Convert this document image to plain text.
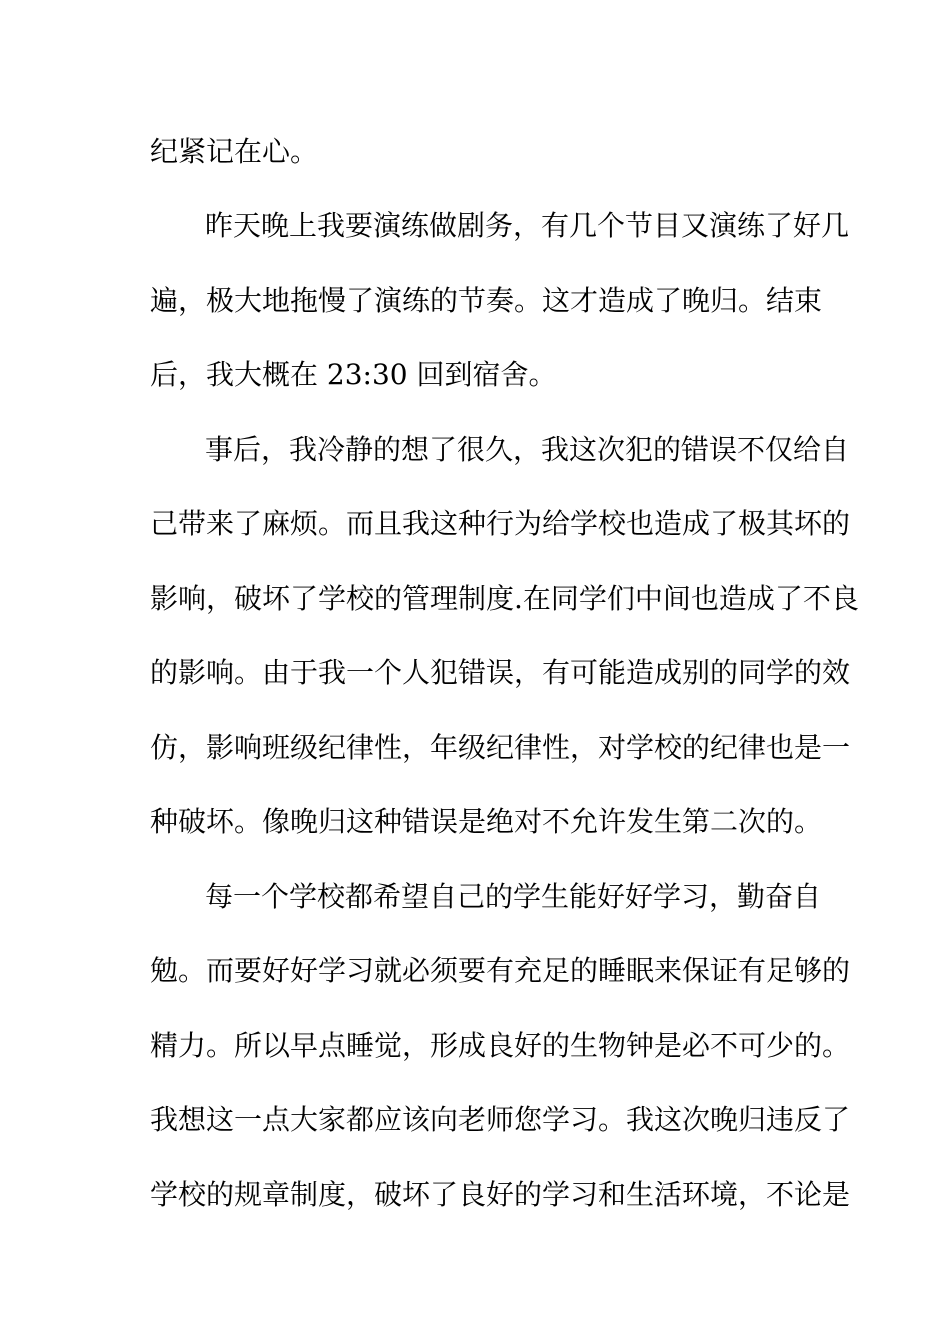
纪紧记在心。
昨天晚上我要演练做剧务，有几个节目又演练了好几
遍，极大地拖慢了演练的节奏。这才造成了晚归。结束
后，我大概在 23:30 回到宿舍。
事后，我冷静的想了很久，我这次犯的错误不仅给自
己带来了麻烦。而且我这种行为给学校也造成了极其坏的
影响，破坏了学校的管理制度.在同学们中间也造成了不良
的影响。由于我一个人犯错误，有可能造成别的同学的效
仿，影响班级纪律性，年级纪律性，对学校的纪律也是一
种破坏。像晚归这种错误是绝对不允许发生第二次的。
每一个学校都希望自己的学生能好好学习，勤奋自
勉。而要好好学习就必须要有充足的睡眠来保证有足够的
精力。所以早点睡觉，形成良好的生物钟是必不可少的。
我想这一点大家都应该向老师您学习。我这次晚归违反了
学校的规章制度，破坏了良好的学习和生活环境，不论是
